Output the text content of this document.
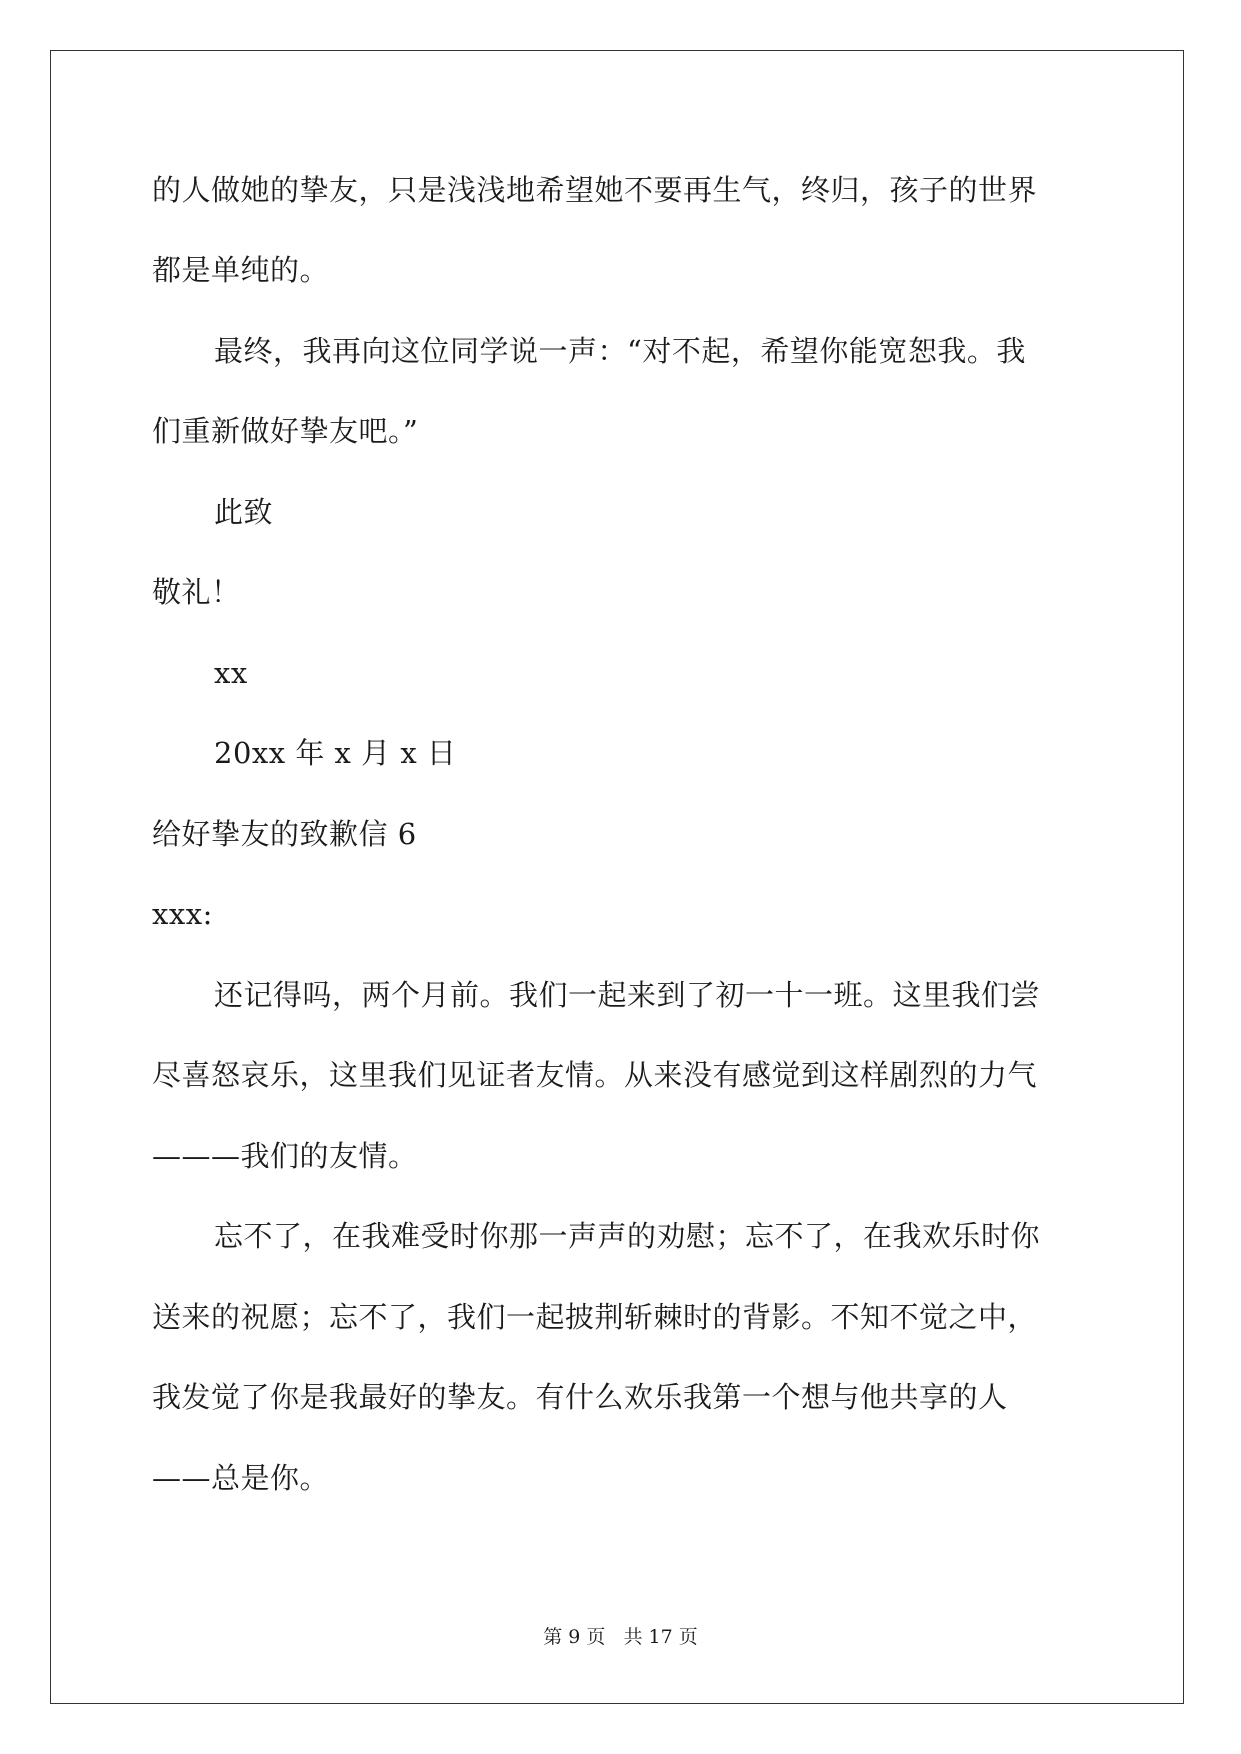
的人做她的挚友，只是浅浅地希望她不要再生气，终归，孩子的世界
都是单纯的。
最终，我再向这位同学说一声：“对不起，希望你能宽恕我。我
们重新做好挚友吧。”
此致
敬礼！
xx
20xx 年 x 月 x 日
给好挚友的致歉信 6
xxx:
还记得吗，两个月前。我们一起来到了初一十一班。这里我们尝
尽喜怒哀乐，这里我们见证者友情。从来没有感觉到这样剧烈的力气
———我们的友情。
忘不了，在我难受时你那一声声的劝慰；忘不了，在我欢乐时你
送来的祝愿；忘不了，我们一起披荆斩棘时的背影。不知不觉之中，
我发觉了你是我最好的挚友。有什么欢乐我第一个想与他共享的人
——总是你。
第 9 页 共 17 页
